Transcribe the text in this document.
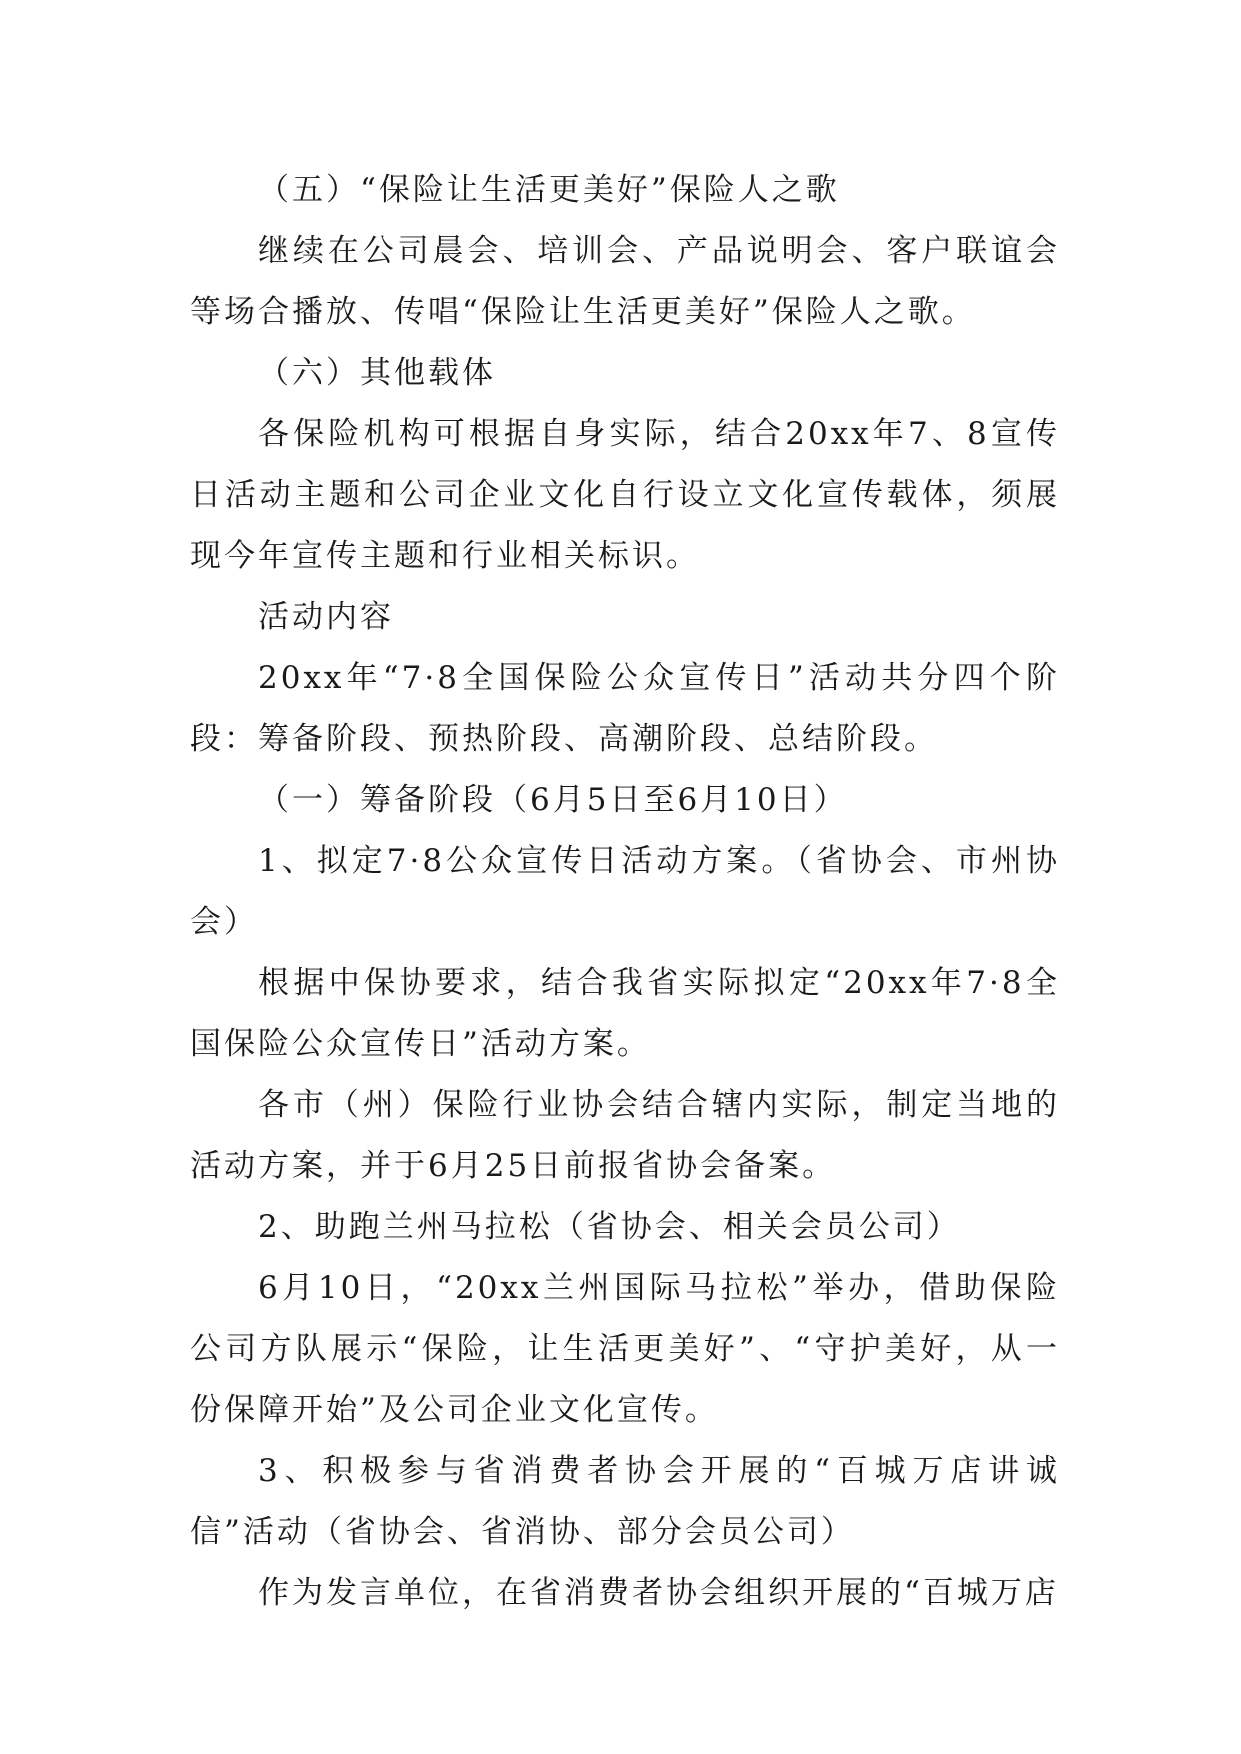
（五）“保险让生活更美好”保险人之歌

继续在公司晨会、培训会、产品说明会、客户联谊会等场合播放、传唱“保险让生活更美好”保险人之歌。

（六）其他载体

各保险机构可根据自身实际，结合20xx年7、8宣传日活动主题和公司企业文化自行设立文化宣传载体，须展现今年宣传主题和行业相关标识。

活动内容

20xx年“7·8全国保险公众宣传日”活动共分四个阶段：筹备阶段、预热阶段、高潮阶段、总结阶段。

（一）筹备阶段（6月5日至6月10日）

1、拟定7·8公众宣传日活动方案。（省协会、市州协会）

根据中保协要求，结合我省实际拟定“20xx年7·8全国保险公众宣传日”活动方案。

各市（州）保险行业协会结合辖内实际，制定当地的活动方案，并于6月25日前报省协会备案。

2、助跑兰州马拉松（省协会、相关会员公司）

6月10日，“20xx兰州国际马拉松”举办，借助保险公司方队展示“保险，让生活更美好”、“守护美好，从一份保障开始”及公司企业文化宣传。

3、积极参与省消费者协会开展的“百城万店讲诚信”活动（省协会、省消协、部分会员公司）

作为发言单位，在省消费者协会组织开展的“百城万店
